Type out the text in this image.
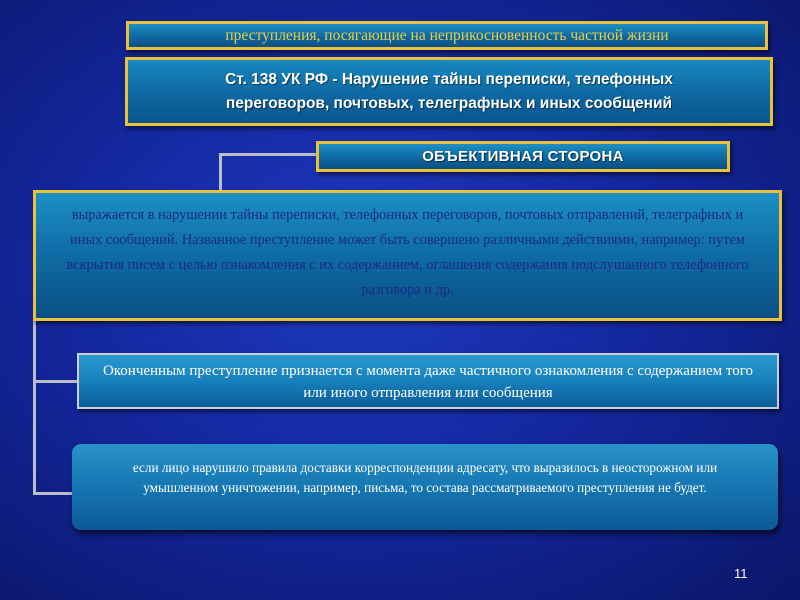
преступления, посягающие на неприкосновенность частной жизни
Ст. 138 УК РФ - Нарушение тайны переписки, телефонных
переговоров, почтовых, телеграфных и иных сообщений
ОБЪЕКТИВНАЯ СТОРОНА
выражается в нарушении тайны переписки, телефонных переговоров, почтовых отправлений, телеграфных и иных сообщений. Названное преступление может быть совершено различными действиями, например: путем вскрытия писем с целью ознакомления с их содержанием, оглашения содержания подслушанного телефонного разговора и др.
Оконченным преступление признается с момента даже частичного ознакомления с содержанием того или иного отправления или сообщения
если лицо нарушило правила доставки корреспонденции адресату, что выразилось в неосторожном или умышленном уничтожении, например, письма, то состава рассматриваемого преступления не будет.
11
